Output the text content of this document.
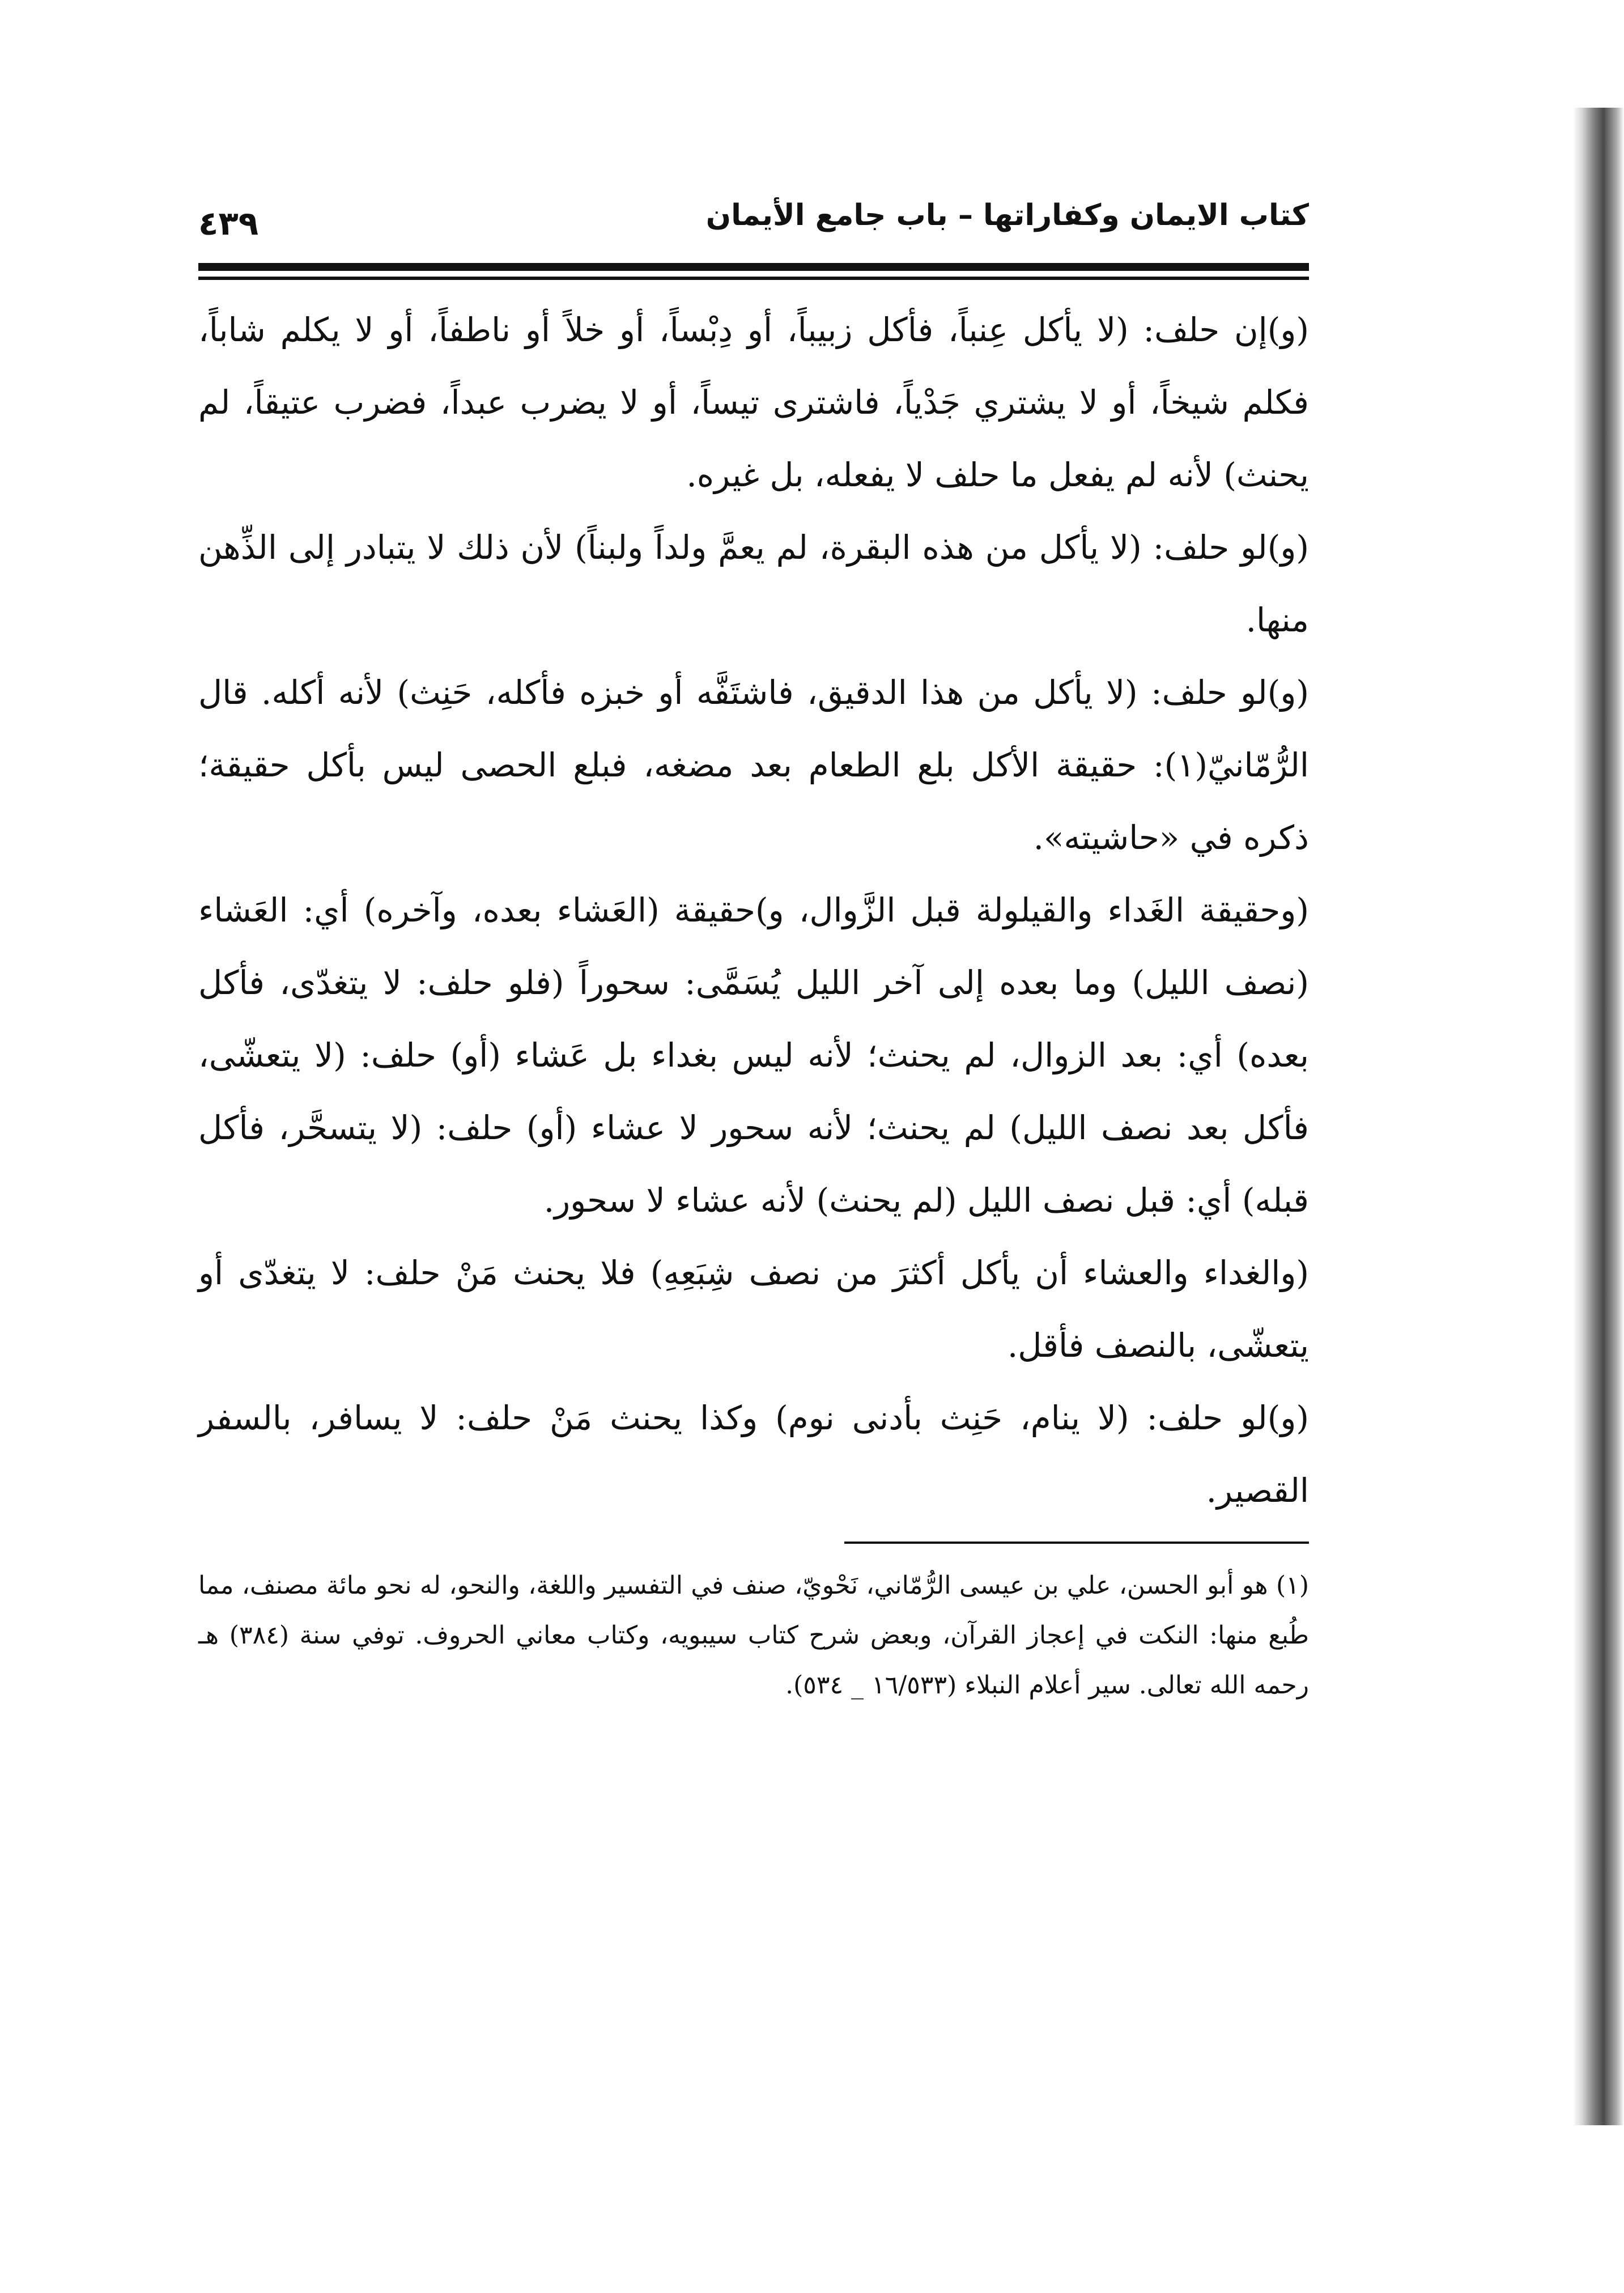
كتاب الايمان وكفاراتها – باب جامع الأيمان
٤٣٩

(و)إن حلف: (لا يأكل عِنباً، فأكل زبيباً، أو دِبْساً، أو خلاً أو ناطفاً، أو لا يكلم شاباً، فكلم شيخاً، أو لا يشتري جَدْياً، فاشترى تيساً، أو لا يضرب عبداً، فضرب عتيقاً، لم يحنث) لأنه لم يفعل ما حلف لا يفعله، بل غيره.

(و)لو حلف: (لا يأكل من هذه البقرة، لم يعمَّ ولداً ولبناً) لأن ذلك لا يتبادر إلى الذِّهن منها.

(و)لو حلف: (لا يأكل من هذا الدقيق، فاشتَفَّه أو خبزه فأكله، حَنِث) لأنه أكله. قال الرُّمّانيّ(١): حقيقة الأكل بلع الطعام بعد مضغه، فبلع الحصى ليس بأكل حقيقة؛ ذكره في «حاشيته».

(وحقيقة الغَداء والقيلولة قبل الزَّوال، و)حقيقة (العَشاء بعده، وآخره) أي: العَشاء (نصف الليل) وما بعده إلى آخر الليل يُسَمَّى: سحوراً (فلو حلف: لا يتغدّى، فأكل بعده) أي: بعد الزوال، لم يحنث؛ لأنه ليس بغداء بل عَشاء (أو) حلف: (لا يتعشّى، فأكل بعد نصف الليل) لم يحنث؛ لأنه سحور لا عشاء (أو) حلف: (لا يتسحَّر، فأكل قبله) أي: قبل نصف الليل (لم يحنث) لأنه عشاء لا سحور.

(والغداء والعشاء أن يأكل أكثرَ من نصف شِبَعِهِ) فلا يحنث مَنْ حلف: لا يتغدّى أو يتعشّى، بالنصف فأقل.

(و)لو حلف: (لا ينام، حَنِث بأدنى نوم) وكذا يحنث مَنْ حلف: لا يسافر، بالسفر القصير.

(١) هو أبو الحسن، علي بن عيسى الرُّمّاني، نَحْويّ، صنف في التفسير واللغة، والنحو، له نحو مائة مصنف، مما طُبع منها: النكت في إعجاز القرآن، وبعض شرح كتاب سيبويه، وكتاب معاني الحروف. توفي سنة (٣٨٤) هـ رحمه الله تعالى. سير أعلام النبلاء (١٦/٥٣٣ _ ٥٣٤).
